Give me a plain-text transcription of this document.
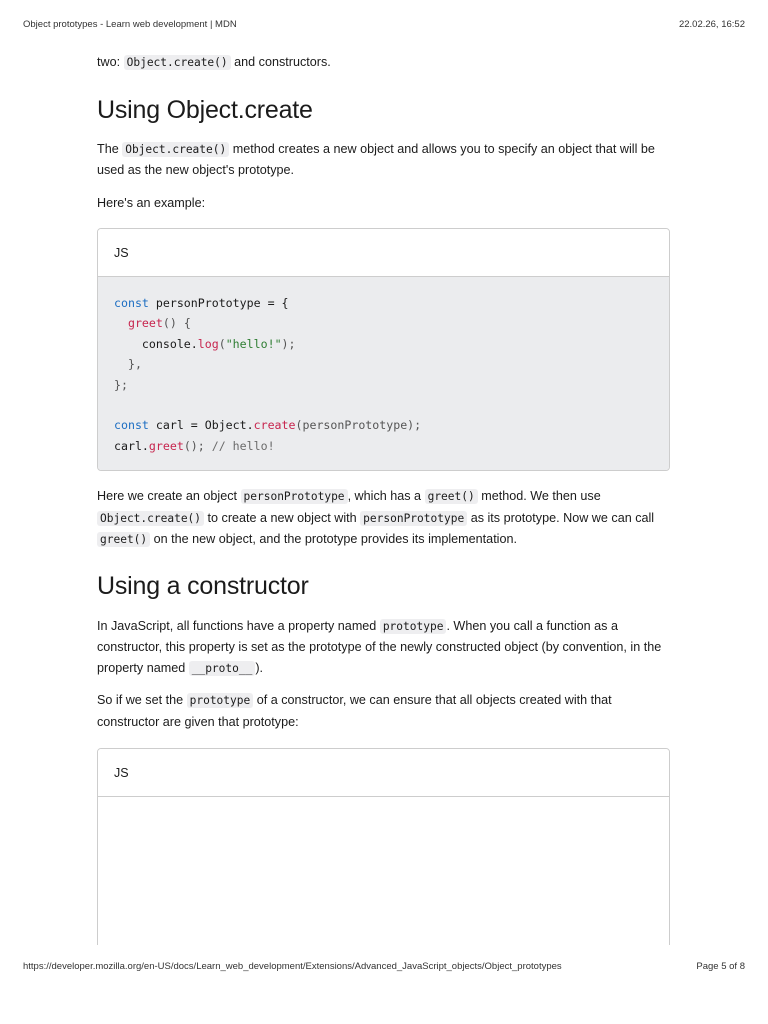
Object prototypes - Learn web development | MDN	22.02.26, 16:52

two: Object.create() and constructors.

Using Object.create

The Object.create() method creates a new object and allows you to specify an object that will be used as the new object's prototype.

Here's an example:

JS
const personPrototype = {
greet() {
console.log("hello!");
},
};

const carl = Object.create(personPrototype);
carl.greet(); // hello!

Here we create an object personPrototype , which has a greet() method. We then use Object.create() to create a new object with personPrototype as its prototype. Now we can call greet() on the new object, and the prototype provides its implementation.

Using a constructor

In JavaScript, all functions have a property named prototype . When you call a function as a constructor, this property is set as the prototype of the newly constructed object (by convention, in the property named __proto__ ).

So if we set the prototype of a constructor, we can ensure that all objects created with that constructor are given that prototype:

JS
https://developer.mozilla.org/en-US/docs/Learn_web_development/Extensions/Advanced_JavaScript_objects/Object_prototypes	Page 5 of 8
